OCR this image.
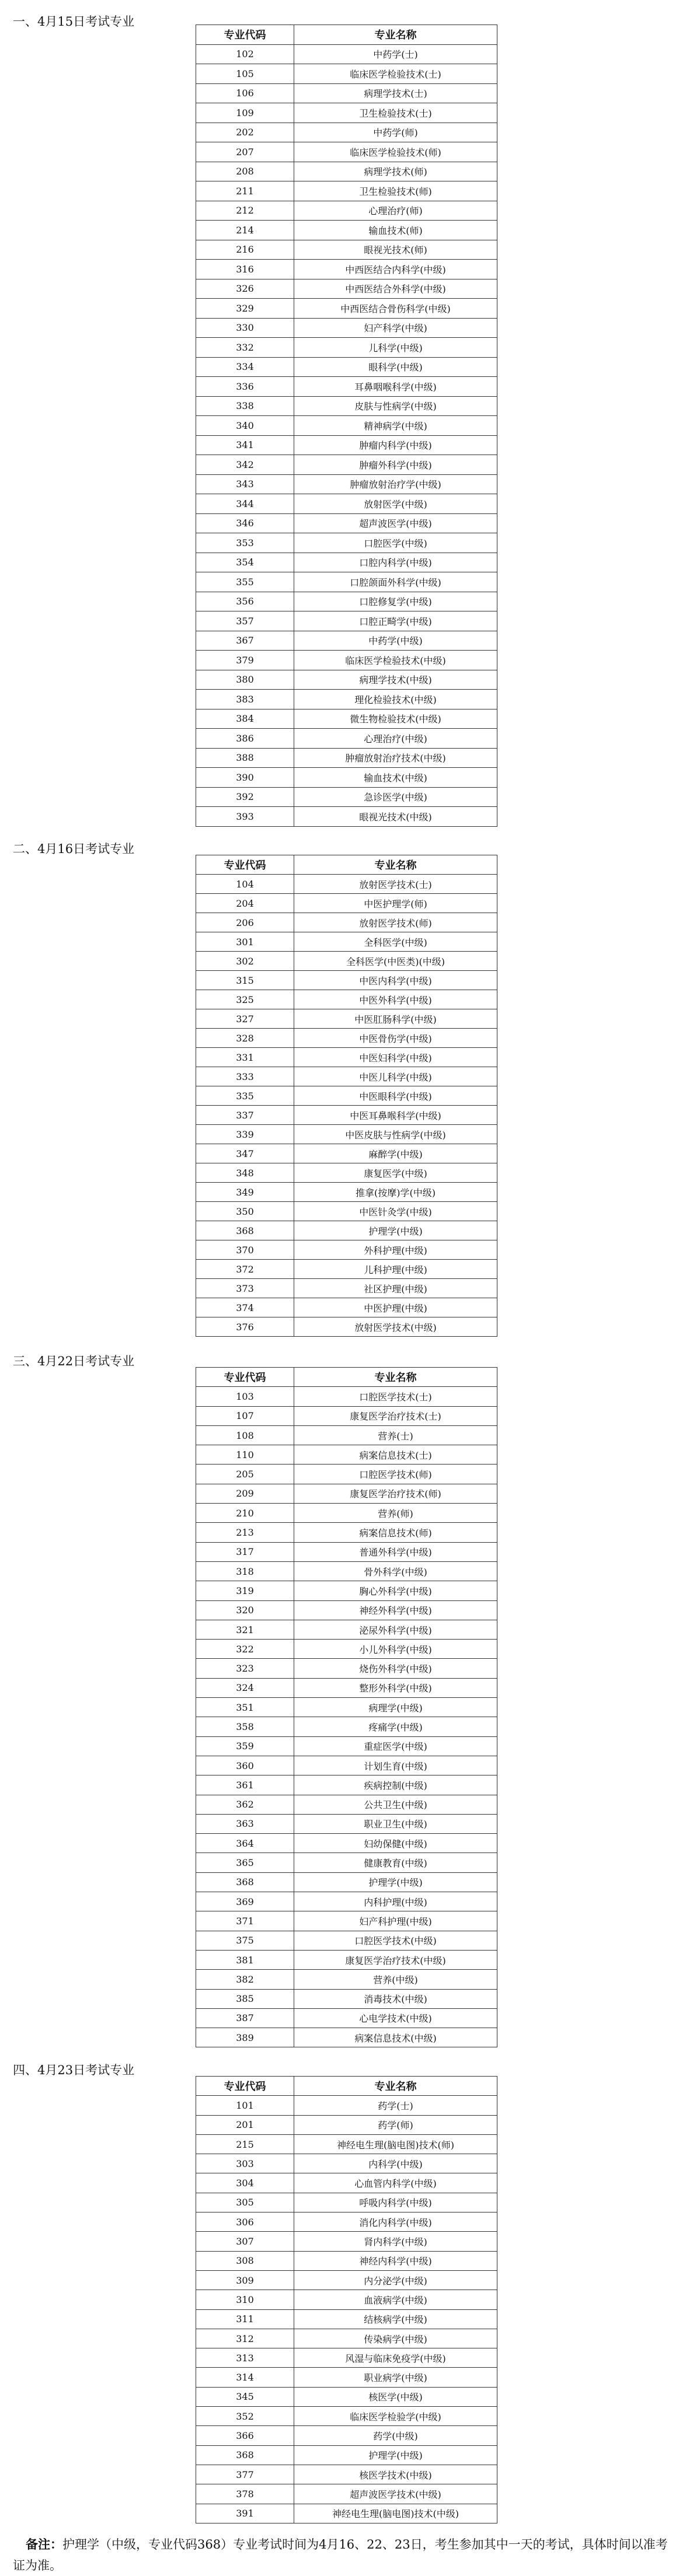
一、4月15日考试专业
专业代码	专业名称
102	中药学(士)
105	临床医学检验技术(士)
106	病理学技术(士)
109	卫生检验技术(士)
202	中药学(师)
207	临床医学检验技术(师)
208	病理学技术(师)
211	卫生检验技术(师)
212	心理治疗(师)
214	输血技术(师)
216	眼视光技术(师)
316	中西医结合内科学(中级)
326	中西医结合外科学(中级)
329	中西医结合骨伤科学(中级)
330	妇产科学(中级)
332	儿科学(中级)
334	眼科学(中级)
336	耳鼻咽喉科学(中级)
338	皮肤与性病学(中级)
340	精神病学(中级)
341	肿瘤内科学(中级)
342	肿瘤外科学(中级)
343	肿瘤放射治疗学(中级)
344	放射医学(中级)
346	超声波医学(中级)
353	口腔医学(中级)
354	口腔内科学(中级)
355	口腔颌面外科学(中级)
356	口腔修复学(中级)
357	口腔正畸学(中级)
367	中药学(中级)
379	临床医学检验技术(中级)
380	病理学技术(中级)
383	理化检验技术(中级)
384	微生物检验技术(中级)
386	心理治疗(中级)
388	肿瘤放射治疗技术(中级)
390	输血技术(中级)
392	急诊医学(中级)
393	眼视光技术(中级)
二、4月16日考试专业
专业代码	专业名称
104	放射医学技术(士)
204	中医护理学(师)
206	放射医学技术(师)
301	全科医学(中级)
302	全科医学(中医类)(中级)
315	中医内科学(中级)
325	中医外科学(中级)
327	中医肛肠科学(中级)
328	中医骨伤学(中级)
331	中医妇科学(中级)
333	中医儿科学(中级)
335	中医眼科学(中级)
337	中医耳鼻喉科学(中级)
339	中医皮肤与性病学(中级)
347	麻醉学(中级)
348	康复医学(中级)
349	推拿(按摩)学(中级)
350	中医针灸学(中级)
368	护理学(中级)
370	外科护理(中级)
372	儿科护理(中级)
373	社区护理(中级)
374	中医护理(中级)
376	放射医学技术(中级)
三、4月22日考试专业
专业代码	专业名称
103	口腔医学技术(士)
107	康复医学治疗技术(士)
108	营养(士)
110	病案信息技术(士)
205	口腔医学技术(师)
209	康复医学治疗技术(师)
210	营养(师)
213	病案信息技术(师)
317	普通外科学(中级)
318	骨外科学(中级)
319	胸心外科学(中级)
320	神经外科学(中级)
321	泌尿外科学(中级)
322	小儿外科学(中级)
323	烧伤外科学(中级)
324	整形外科学(中级)
351	病理学(中级)
358	疼痛学(中级)
359	重症医学(中级)
360	计划生育(中级)
361	疾病控制(中级)
362	公共卫生(中级)
363	职业卫生(中级)
364	妇幼保健(中级)
365	健康教育(中级)
368	护理学(中级)
369	内科护理(中级)
371	妇产科护理(中级)
375	口腔医学技术(中级)
381	康复医学治疗技术(中级)
382	营养(中级)
385	消毒技术(中级)
387	心电学技术(中级)
389	病案信息技术(中级)
四、4月23日考试专业
专业代码	专业名称
101	药学(士)
201	药学(师)
215	神经电生理(脑电图)技术(师)
303	内科学(中级)
304	心血管内科学(中级)
305	呼吸内科学(中级)
306	消化内科学(中级)
307	肾内科学(中级)
308	神经内科学(中级)
309	内分泌学(中级)
310	血液病学(中级)
311	结核病学(中级)
312	传染病学(中级)
313	风湿与临床免疫学(中级)
314	职业病学(中级)
345	核医学(中级)
352	临床医学检验学(中级)
366	药学(中级)
368	护理学(中级)
377	核医学技术(中级)
378	超声波医学技术(中级)
391	神经电生理(脑电图)技术(中级)
备注：护理学（中级，专业代码368）专业考试时间为4月16、22、23日，考生参加其中一天的考试，具体时间以准考证为准。
